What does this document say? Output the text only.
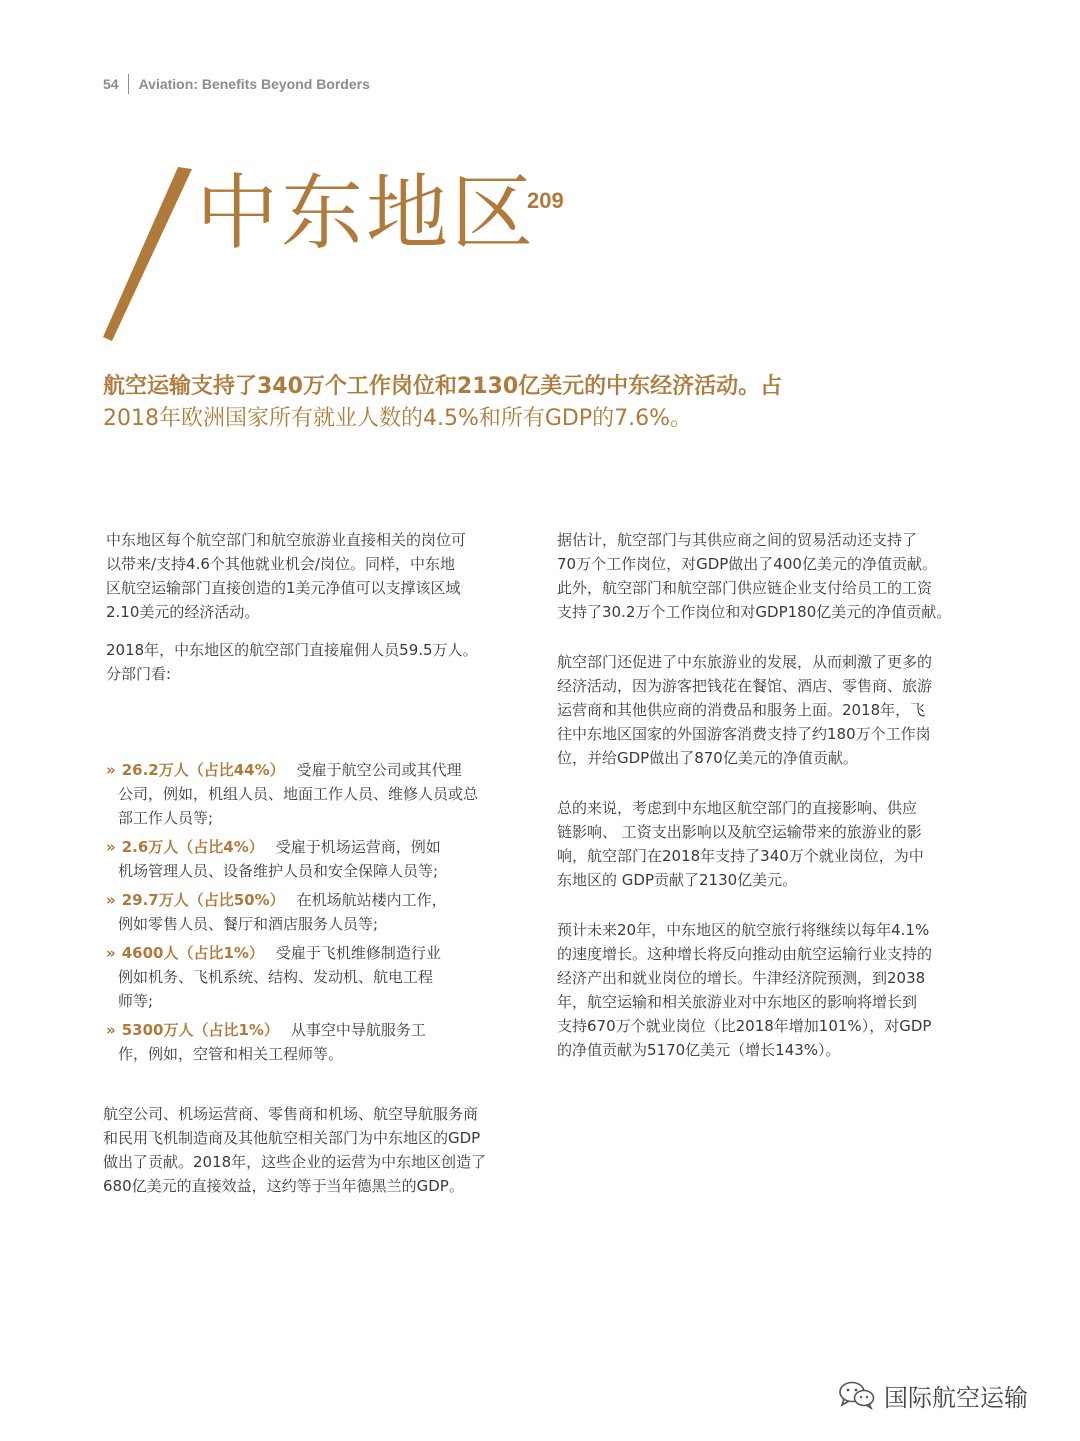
54 Aviation: Benefits Beyond Borders
中东地区
209
航空运输支持了340万个工作岗位和2130亿美元的中东经济活动。占
2018年欧洲国家所有就业人数的4.5%和所有GDP的7.6%。

中东地区每个航空部门和航空旅游业直接相关的岗位可

以带来/支持4.6个其他就业机会/岗位。同样，中东地

区航空运输部门直接创造的1美元净值可以支撑该区域

2.10美元的经济活动。

2018年，中东地区的航空部门直接雇佣人员59.5万人。

分部门看:

» 26.2万人（占比44%） 受雇于航空公司或其代理

公司，例如，机组人员、地面工作人员、维修人员或总

部工作人员等;

» 2.6万人（占比4%） 受雇于机场运营商，例如

机场管理人员、设备维护人员和安全保障人员等;

» 29.7万人（占比50%） 在机场航站楼内工作，

例如零售人员、餐厅和酒店服务人员等;

» 4600人（占比1%） 受雇于飞机维修制造行业

例如机务、飞机系统、结构、发动机、航电工程

师等;

» 5300万人（占比1%） 从事空中导航服务工

作，例如，空管和相关工程师等。

航空公司、机场运营商、零售商和机场、航空导航服务商

和民用飞机制造商及其他航空相关部门为中东地区的GDP

做出了贡献。2018年，这些企业的运营为中东地区创造了

680亿美元的直接效益，这约等于当年德黑兰的GDP。

据估计，航空部门与其供应商之间的贸易活动还支持了

70万个工作岗位，对GDP做出了400亿美元的净值贡献。

此外，航空部门和航空部门供应链企业支付给员工的工资

支持了30.2万个工作岗位和对GDP180亿美元的净值贡献。

航空部门还促进了中东旅游业的发展，从而刺激了更多的

经济活动，因为游客把钱花在餐馆、酒店、零售商、旅游

运营商和其他供应商的消费品和服务上面。2018年，飞

往中东地区国家的外国游客消费支持了约180万个工作岗

位，并给GDP做出了870亿美元的净值贡献。

总的来说，考虑到中东地区航空部门的直接影响、供应

链影响、 工资支出影响以及航空运输带来的旅游业的影

响，航空部门在2018年支持了340万个就业岗位，为中

东地区的 GDP贡献了2130亿美元。

预计未来20年，中东地区的航空旅行将继续以每年4.1%

的速度增长。这种增长将反向推动由航空运输行业支持的

经济产出和就业岗位的增长。牛津经济院预测，到2038

年，航空运输和相关旅游业对中东地区的影响将增长到

支持670万个就业岗位（比2018年增加101%），对GDP

的净值贡献为5170亿美元（增长143%）。

国际航空运输
